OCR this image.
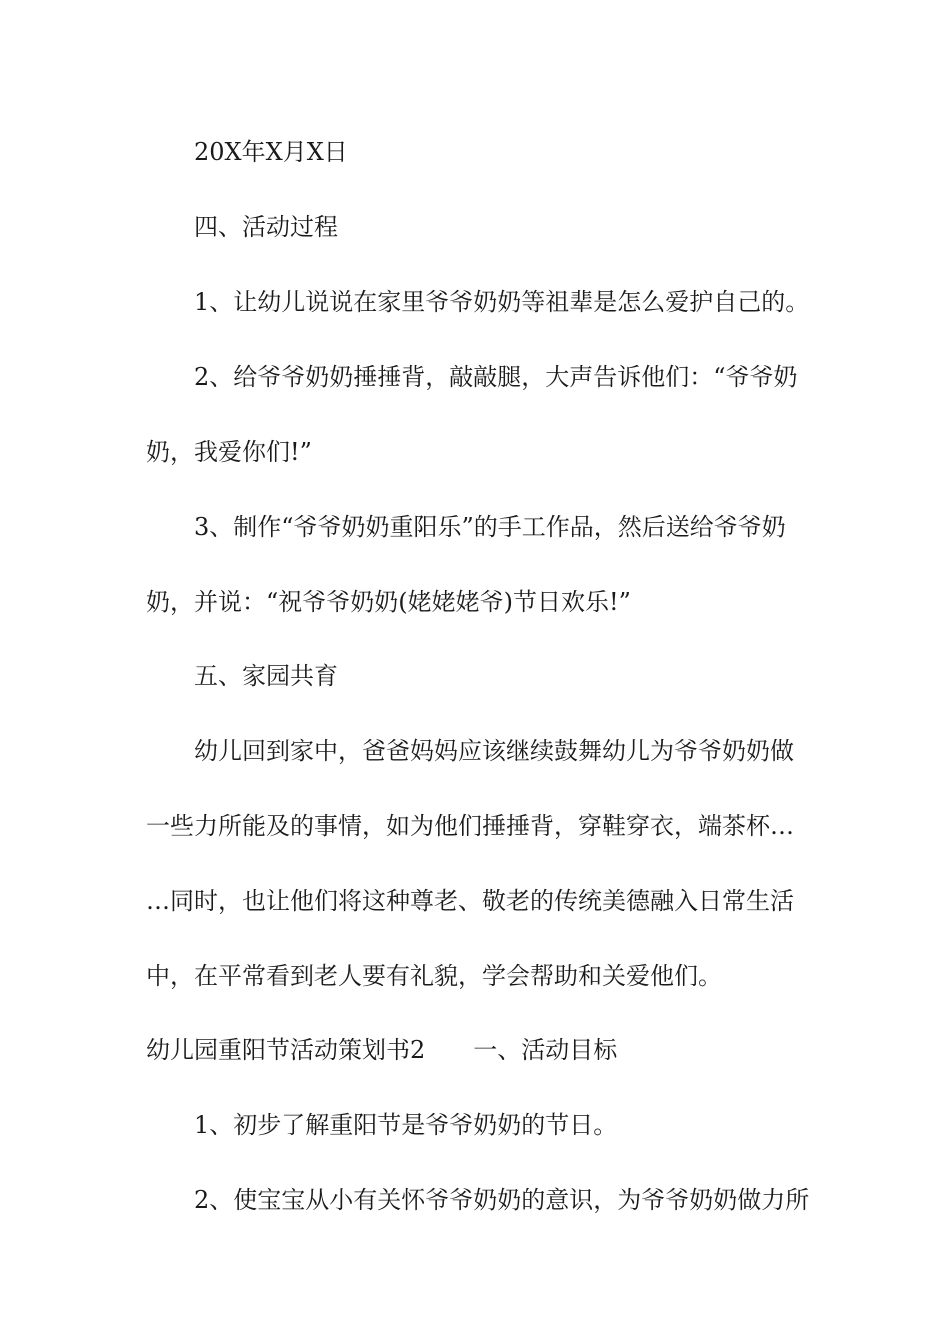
20X年X月X日
四、活动过程
1、让幼儿说说在家里爷爷奶奶等祖辈是怎么爱护自己的。
2、给爷爷奶奶捶捶背，敲敲腿，大声告诉他们：“爷爷奶
奶，我爱你们!”
3、制作“爷爷奶奶重阳乐”的手工作品，然后送给爷爷奶
奶，并说：“祝爷爷奶奶(姥姥姥爷)节日欢乐!”
五、家园共育
幼儿回到家中，爸爸妈妈应该继续鼓舞幼儿为爷爷奶奶做
一些力所能及的事情，如为他们捶捶背，穿鞋穿衣，端茶杯…
…同时，也让他们将这种尊老、敬老的传统美德融入日常生活
中，在平常看到老人要有礼貌，学会帮助和关爱他们。
幼儿园重阳节活动策划书2 一、活动目标
1、初步了解重阳节是爷爷奶奶的节日。
2、使宝宝从小有关怀爷爷奶奶的意识，为爷爷奶奶做力所
